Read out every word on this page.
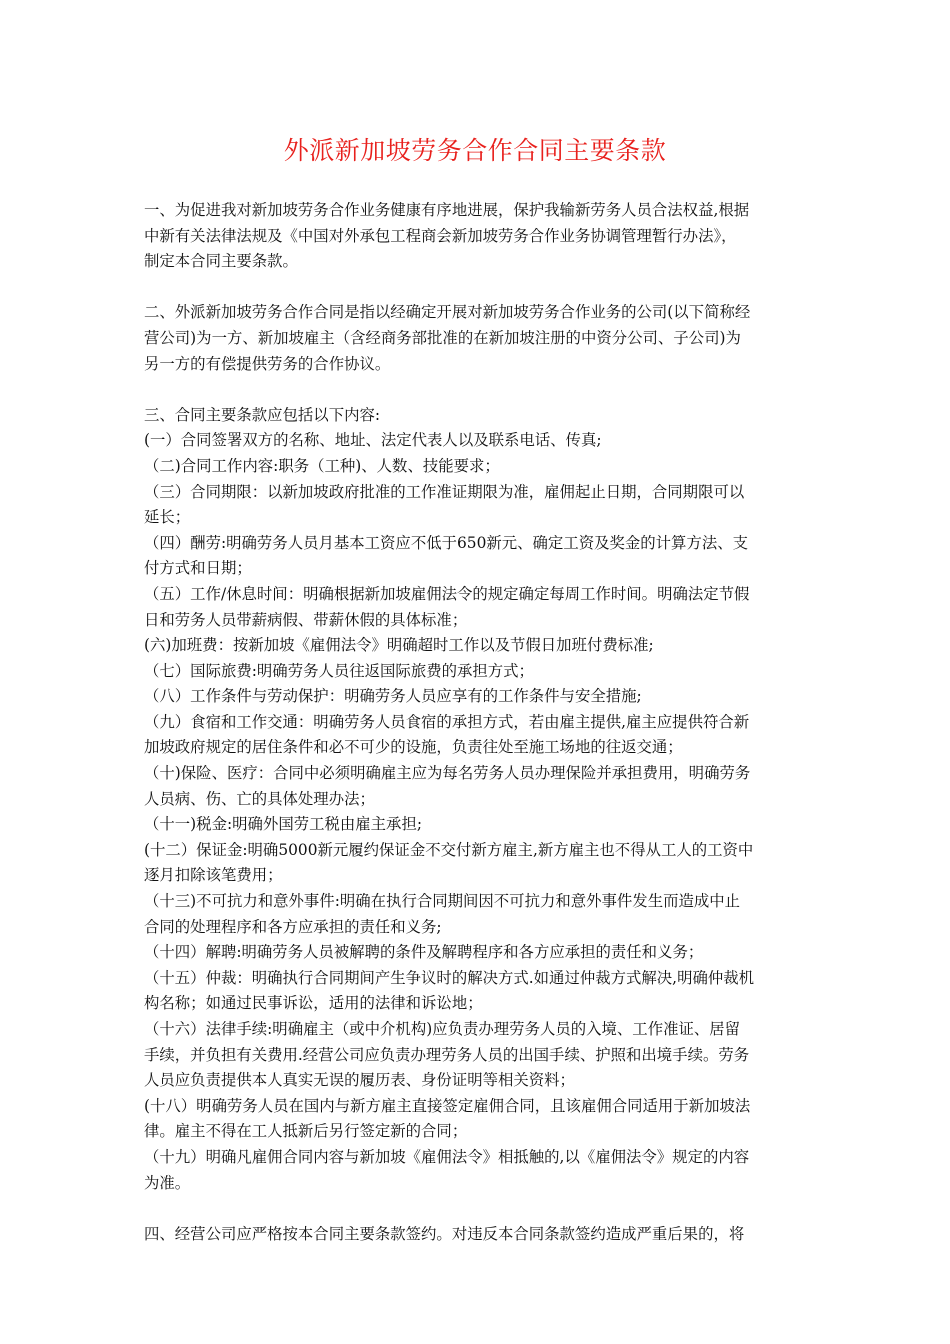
外派新加坡劳务合作合同主要条款
一、为促进我对新加坡劳务合作业务健康有序地进展，保护我输新劳务人员合法权益,根据
中新有关法律法规及《中国对外承包工程商会新加坡劳务合作业务协调管理暂行办法》，
制定本合同主要条款。
二、外派新加坡劳务合作合同是指以经确定开展对新加坡劳务合作业务的公司(以下简称经
营公司)为一方、新加坡雇主（含经商务部批准的在新加坡注册的中资分公司、子公司)为
另一方的有偿提供劳务的合作协议。
三、合同主要条款应包括以下内容:
(一）合同签署双方的名称、地址、法定代表人以及联系电话、传真;
（二)合同工作内容:职务（工种)、人数、技能要求；
（三）合同期限：以新加坡政府批准的工作准证期限为准，雇佣起止日期，合同期限可以
延长；
（四）酬劳:明确劳务人员月基本工资应不低于650新元、确定工资及奖金的计算方法、支
付方式和日期；
（五）工作/休息时间：明确根据新加坡雇佣法令的规定确定每周工作时间。明确法定节假
日和劳务人员带薪病假、带薪休假的具体标准；
(六)加班费：按新加坡《雇佣法令》明确超时工作以及节假日加班付费标准;
（七）国际旅费:明确劳务人员往返国际旅费的承担方式；
（八）工作条件与劳动保护：明确劳务人员应享有的工作条件与安全措施;
（九）食宿和工作交通：明确劳务人员食宿的承担方式，若由雇主提供,雇主应提供符合新
加坡政府规定的居住条件和必不可少的设施，负责往处至施工场地的往返交通；
（十)保险、医疗：合同中必须明确雇主应为每名劳务人员办理保险并承担费用，明确劳务
人员病、伤、亡的具体处理办法；
（十一)税金:明确外国劳工税由雇主承担;
(十二）保证金:明确5000新元履约保证金不交付新方雇主,新方雇主也不得从工人的工资中
逐月扣除该笔费用；
（十三)不可抗力和意外事件:明确在执行合同期间因不可抗力和意外事件发生而造成中止
合同的处理程序和各方应承担的责任和义务;
（十四）解聘:明确劳务人员被解聘的条件及解聘程序和各方应承担的责任和义务；
（十五）仲裁：明确执行合同期间产生争议时的解决方式.如通过仲裁方式解决,明确仲裁机
构名称；如通过民事诉讼，适用的法律和诉讼地；
（十六）法律手续:明确雇主（或中介机构)应负责办理劳务人员的入境、工作准证、居留
手续，并负担有关费用.经营公司应负责办理劳务人员的出国手续、护照和出境手续。劳务
人员应负责提供本人真实无误的履历表、身份证明等相关资料；
(十八）明确劳务人员在国内与新方雇主直接签定雇佣合同，且该雇佣合同适用于新加坡法
律。雇主不得在工人抵新后另行签定新的合同；
（十九）明确凡雇佣合同内容与新加坡《雇佣法令》相抵触的,以《雇佣法令》规定的内容
为准。
四、经营公司应严格按本合同主要条款签约。对违反本合同条款签约造成严重后果的，将
